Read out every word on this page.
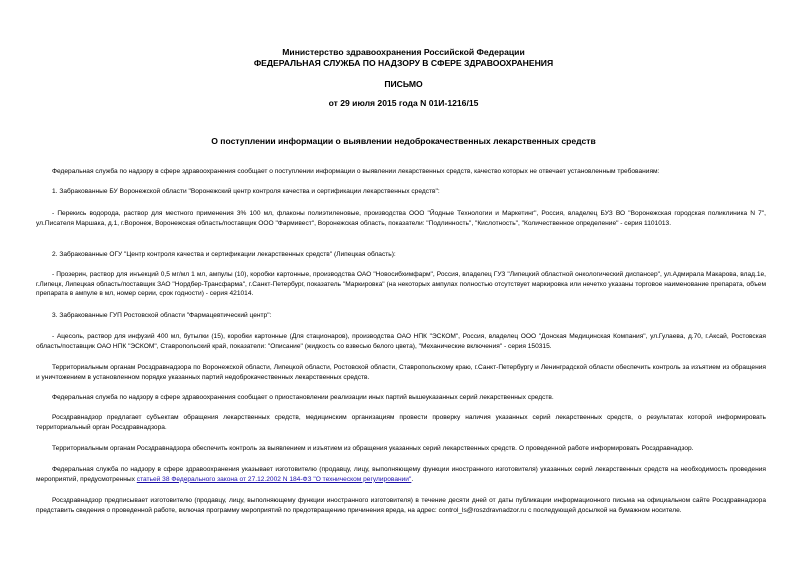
Министерство здравоохранения Российской Федерации
ФЕДЕРАЛЬНАЯ СЛУЖБА ПО НАДЗОРУ В СФЕРЕ ЗДРАВООХРАНЕНИЯ
ПИСЬМО
от 29 июля 2015 года N 01И-1216/15
О поступлении информации о выявлении недоброкачественных лекарственных средств

Федеральная служба по надзору в сфере здравоохранения сообщает о поступлении информации о выявлении лекарственных средств, качество которых не отвечает установленным требованиям:

1. Забракованные БУ Воронежской области "Воронежский центр контроля качества и сертификации лекарственных средств":

- Перекись водорода, раствор для местного применения 3% 100 мл, флаконы полиэтиленовые, производства ООО "Йодные Технологии и Маркетинг", Россия, владелец БУЗ ВО "Воронежская городская поликлиника N 7", ул.Писателя Маршака, д.1, г.Воронеж, Воронежская область/поставщик ООО "Фармивест", Воронежская область, показатели: "Подлинность", "Кислотность", "Количественное определение" - серия 1101013.

2. Забракованные ОГУ "Центр контроля качества и сертификации лекарственных средств" (Липецкая область):

- Прозерин, раствор для инъекций 0,5 мг/мл 1 мл, ампулы (10), коробки картонные, производства ОАО "Новосибхимфарм", Россия, владелец ГУЗ "Липецкий областной онкологический диспансер", ул.Адмирала Макарова, влад.1е, г.Липецк, Липецкая область/поставщик ЗАО "Нордбер-Трансфарма", г.Санкт-Петербург, показатель "Маркировка" (на некоторых ампулах полностью отсутствует маркировка или нечетко указаны торговое наименование препарата, объем препарата в ампуле в мл, номер серии, срок годности) - серия 421014.

3. Забракованные ГУП Ростовской области "Фармацевтический центр":

- Ацесоль, раствор для инфузий 400 мл, бутылки (15), коробки картонные (Для стационаров), производства ОАО НПК "ЭСКОМ", Россия, владелец ООО "Донская Медицинская Компания", ул.Гулаева, д.70, г.Аксай, Ростовская область/поставщик ОАО НПК "ЭСКОМ", Ставропольский край, показатели: "Описание" (жидкость со взвесью белого цвета), "Механические включения" - серия 150315.

Территориальным органам Росздравнадзора по Воронежской области, Липецкой области, Ростовской области, Ставропольскому краю, г.Санкт-Петербургу и Ленинградской области обеспечить контроль за изъятием из обращения и уничтожением в установленном порядке указанных партий недоброкачественных лекарственных средств.

Федеральная служба по надзору в сфере здравоохранения сообщает о приостановлении реализации иных партий вышеуказанных серий лекарственных средств.

Росздравнадзор предлагает субъектам обращения лекарственных средств, медицинским организациям провести проверку наличия указанных серий лекарственных средств, о результатах которой информировать территориальный орган Росздравнадзора.

Территориальным органам Росздравнадзора обеспечить контроль за выявлением и изъятием из обращения указанных серий лекарственных средств. О проведенной работе информировать Росздравнадзор.

Федеральная служба по надзору в сфере здравоохранения указывает изготовителю (продавцу, лицу, выполняющему функции иностранного изготовителя) указанных серий лекарственных средств на необходимость проведения мероприятий, предусмотренных статьей 38 Федерального закона от 27.12.2002 N 184-ФЗ "О техническом регулировании".

Росздравнадзор предписывает изготовителю (продавцу, лицу, выполняющему функции иностранного изготовителя) в течение десяти дней от даты публикации информационного письма на официальном сайте Росздравнадзора представить сведения о проведенной работе, включая программу мероприятий по предотвращению причинения вреда, на адрес: control_ls@roszdravnadzor.ru с последующей досылкой на бумажном носителе.
